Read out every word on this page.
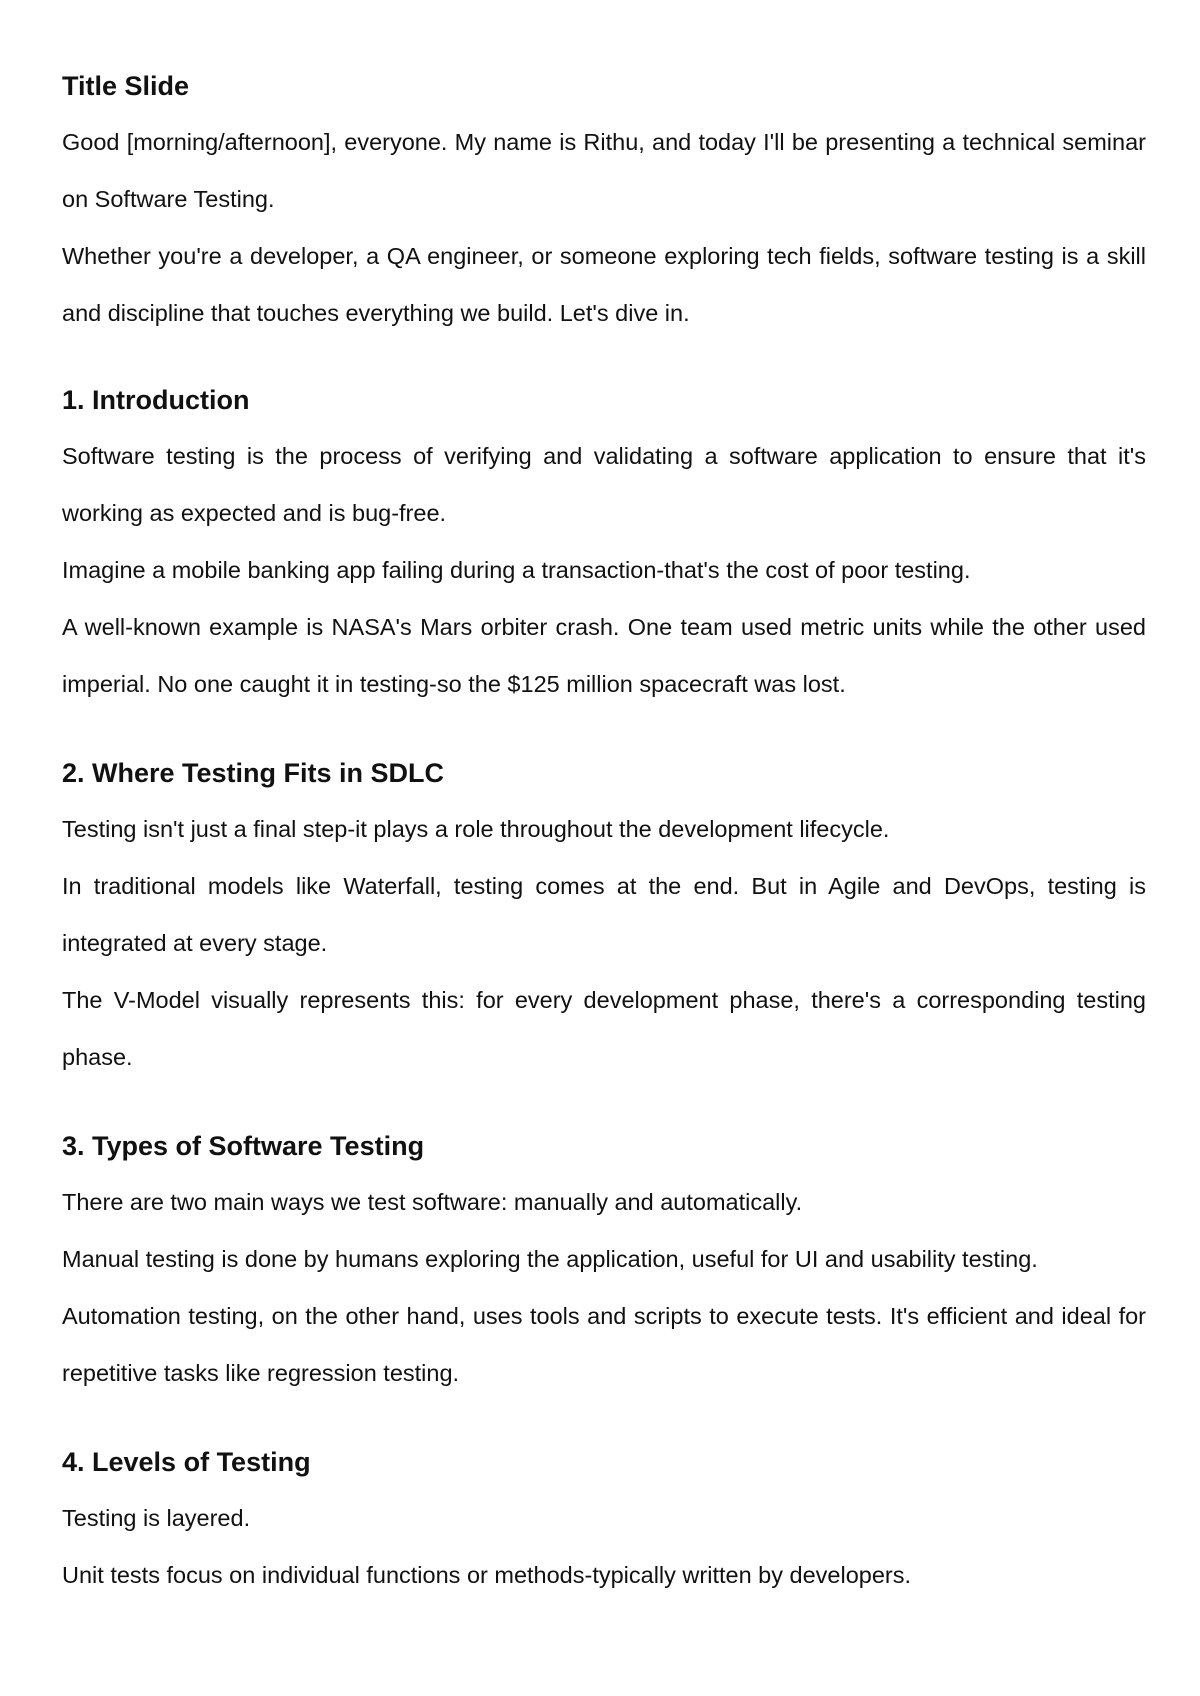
Title Slide

Good [morning/afternoon], everyone. My name is Rithu, and today I'll be presenting a technical seminar on Software Testing.

Whether you're a developer, a QA engineer, or someone exploring tech fields, software testing is a skill and discipline that touches everything we build. Let's dive in.

1. Introduction

Software testing is the process of verifying and validating a software application to ensure that it's working as expected and is bug-free.

Imagine a mobile banking app failing during a transaction-that's the cost of poor testing.

A well-known example is NASA's Mars orbiter crash. One team used metric units while the other used imperial. No one caught it in testing-so the $125 million spacecraft was lost.

2. Where Testing Fits in SDLC

Testing isn't just a final step-it plays a role throughout the development lifecycle.

In traditional models like Waterfall, testing comes at the end. But in Agile and DevOps, testing is integrated at every stage.

The V-Model visually represents this: for every development phase, there's a corresponding testing phase.

3. Types of Software Testing

There are two main ways we test software: manually and automatically.

Manual testing is done by humans exploring the application, useful for UI and usability testing.

Automation testing, on the other hand, uses tools and scripts to execute tests. It's efficient and ideal for repetitive tasks like regression testing.

4. Levels of Testing

Testing is layered.

Unit tests focus on individual functions or methods-typically written by developers.
